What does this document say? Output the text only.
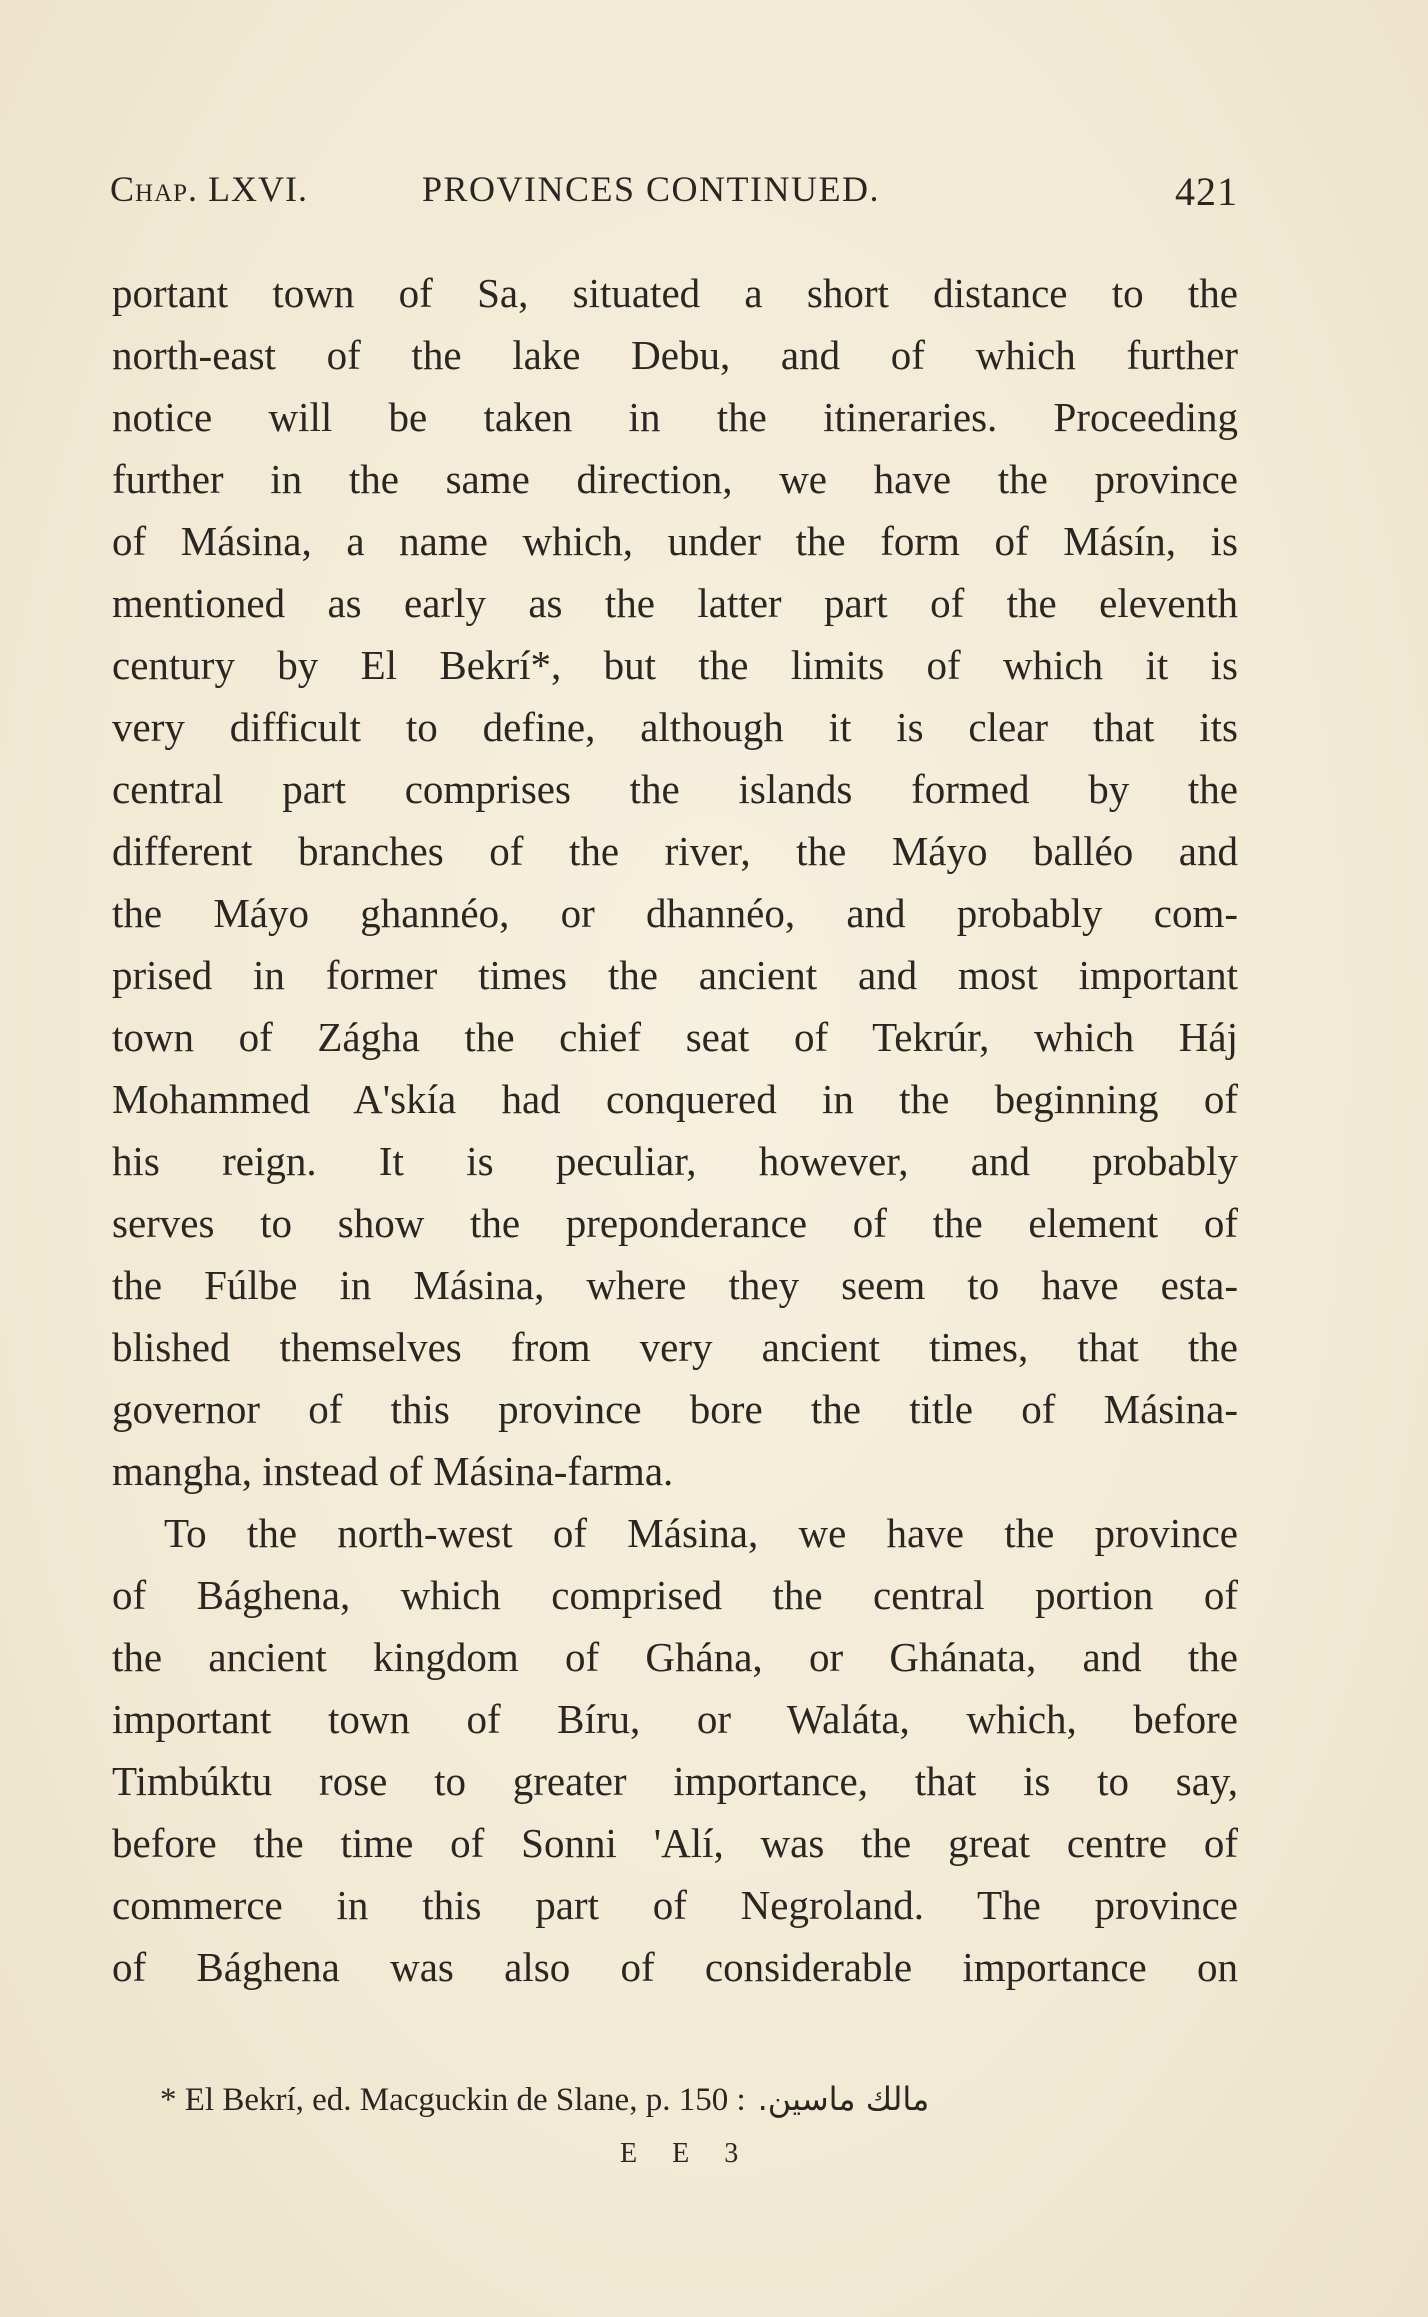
Chap. LXVI.	PROVINCES CONTINUED.	421
portant town of Sa, situated a short distance to the
north-east of the lake Debu, and of which further
notice will be taken in the itineraries. Proceeding
further in the same direction, we have the province
of Másina, a name which, under the form of Másín, is
mentioned as early as the latter part of the eleventh
century by El Bekrí*, but the limits of which it is
very difficult to define, although it is clear that its
central part comprises the islands formed by the
different branches of the river, the Máyo balléo and
the Máyo ghannéo, or dhannéo, and probably com-
prised in former times the ancient and most important
town of Zágha the chief seat of Tekrúr, which Háj
Mohammed A'skía had conquered in the beginning of
his reign. It is peculiar, however, and probably
serves to show the preponderance of the element of
the Fúlbe in Másina, where they seem to have esta-
blished themselves from very ancient times, that the
governor of this province bore the title of Másina-
mangha, instead of Másina-farma.
To the north-west of Másina, we have the province
of Bághena, which comprised the central portion of
the ancient kingdom of Ghána, or Ghánata, and the
important town of Bíru, or Waláta, which, before
Timbúktu rose to greater importance, that is to say,
before the time of Sonni 'Alí, was the great centre of
commerce in this part of Negroland. The province
of Bághena was also of considerable importance on
* El Bekrí, ed. Macguckin de Slane, p. 150 : مالك ماسين.
E E 3
